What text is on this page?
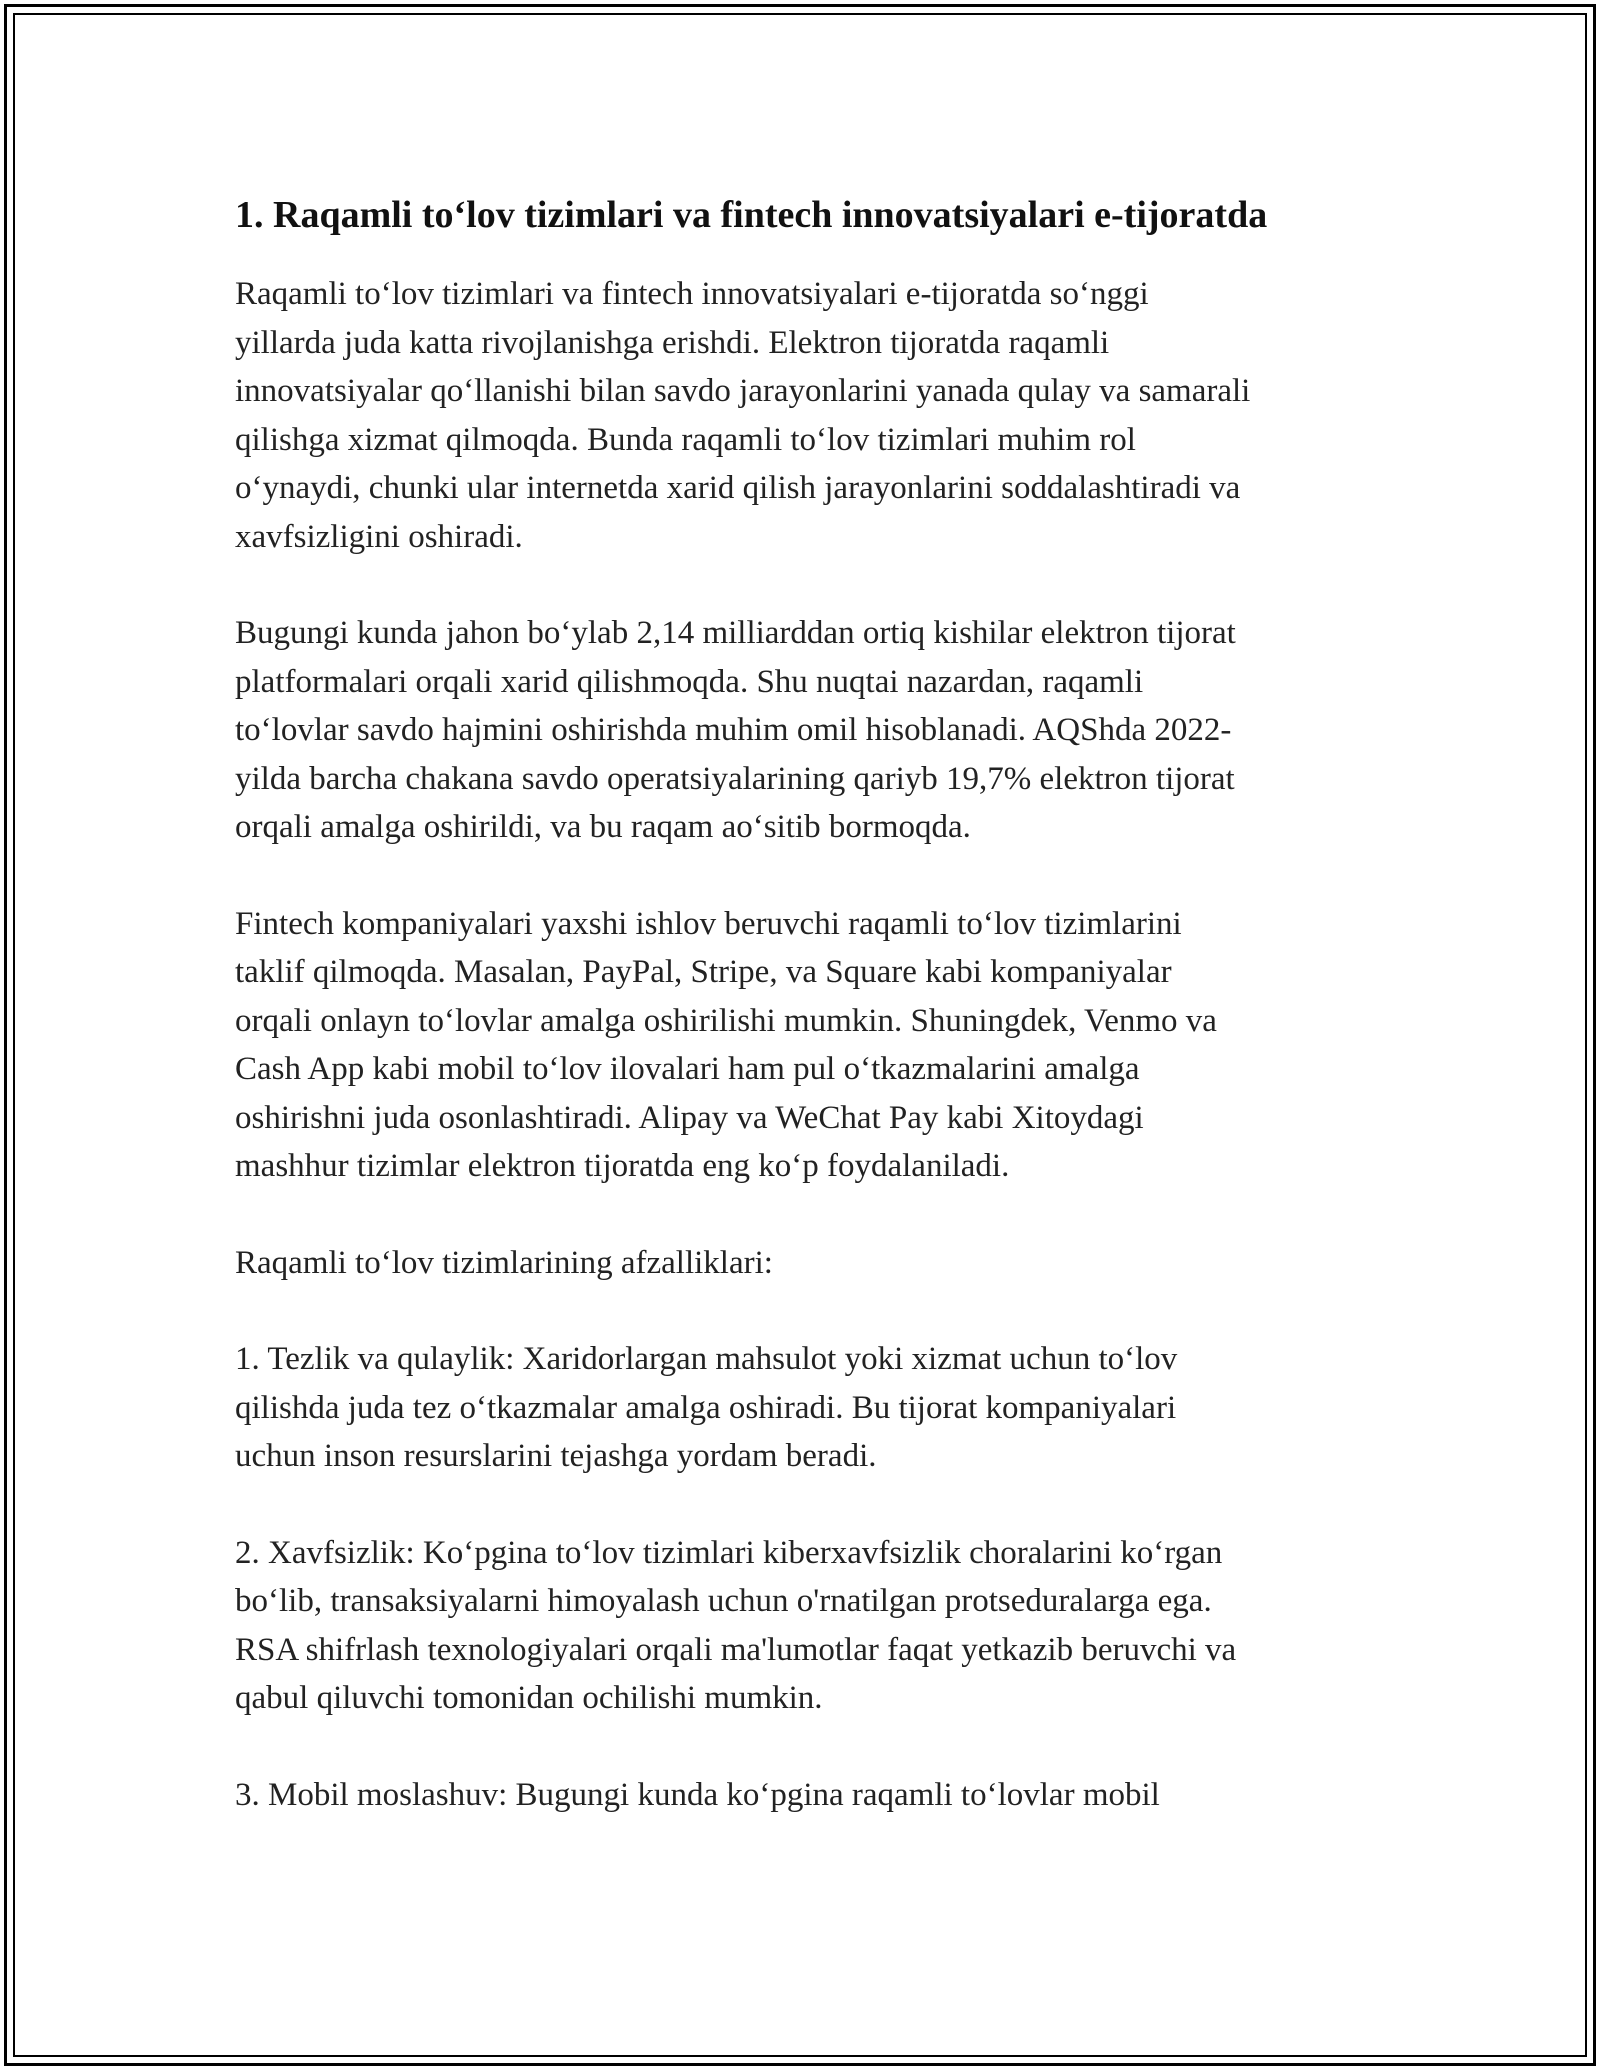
1. Raqamli to‘lov tizimlari va fintech innovatsiyalari e-tijoratda

Raqamli to‘lov tizimlari va fintech innovatsiyalari e-tijoratda so‘nggi
yillarda juda katta rivojlanishga erishdi. Elektron tijoratda raqamli
innovatsiyalar qo‘llanishi bilan savdo jarayonlarini yanada qulay va samarali
qilishga xizmat qilmoqda. Bunda raqamli to‘lov tizimlari muhim rol
o‘ynaydi, chunki ular internetda xarid qilish jarayonlarini soddalashtiradi va
xavfsizligini oshiradi.

Bugungi kunda jahon bo‘ylab 2,14 milliarddan ortiq kishilar elektron tijorat
platformalari orqali xarid qilishmoqda. Shu nuqtai nazardan, raqamli
to‘lovlar savdo hajmini oshirishda muhim omil hisoblanadi. AQShda 2022-
yilda barcha chakana savdo operatsiyalarining qariyb 19,7% elektron tijorat
orqali amalga oshirildi, va bu raqam ao‘sitib bormoqda.

Fintech kompaniyalari yaxshi ishlov beruvchi raqamli to‘lov tizimlarini
taklif qilmoqda. Masalan, PayPal, Stripe, va Square kabi kompaniyalar
orqali onlayn to‘lovlar amalga oshirilishi mumkin. Shuningdek, Venmo va
Cash App kabi mobil to‘lov ilovalari ham pul o‘tkazmalarini amalga
oshirishni juda osonlashtiradi. Alipay va WeChat Pay kabi Xitoydagi
mashhur tizimlar elektron tijoratda eng ko‘p foydalaniladi.

Raqamli to‘lov tizimlarining afzalliklari:

1. Tezlik va qulaylik: Xaridorlargan mahsulot yoki xizmat uchun to‘lov
qilishda juda tez o‘tkazmalar amalga oshiradi. Bu tijorat kompaniyalari
uchun inson resurslarini tejashga yordam beradi.

2. Xavfsizlik: Ko‘pgina to‘lov tizimlari kiberxavfsizlik choralarini ko‘rgan
bo‘lib, transaksiyalarni himoyalash uchun o'rnatilgan protseduralarga ega.
RSA shifrlash texnologiyalari orqali ma'lumotlar faqat yetkazib beruvchi va
qabul qiluvchi tomonidan ochilishi mumkin.

3. Mobil moslashuv: Bugungi kunda ko‘pgina raqamli to‘lovlar mobil
